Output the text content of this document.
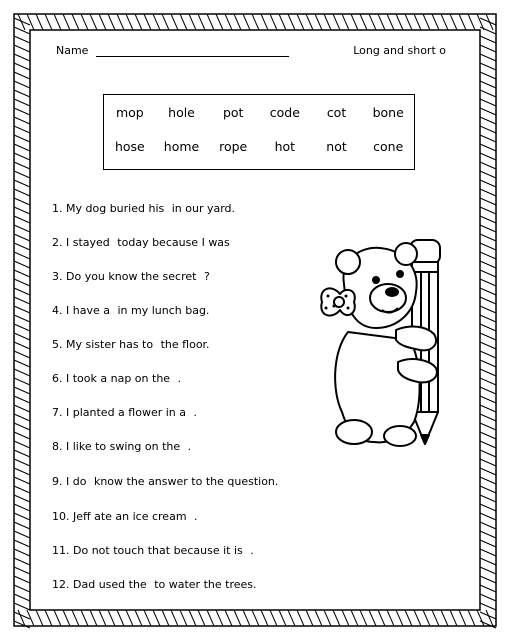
Name	Long and short o
mop	hole	pot	code	cot	bone
hose	home	rope	hot	not	cone
1. My dog buried his in our yard.
2. I stayed today because I was
3. Do you know the secret ?
4. I have a in my lunch bag.
5. My sister has to the floor.
6. I took a nap on the .
7. I planted a flower in a .
8. I like to swing on the .
9. I do know the answer to the question.
10. Jeff ate an ice cream .
11. Do not touch that because it is .
12. Dad used the to water the trees.
